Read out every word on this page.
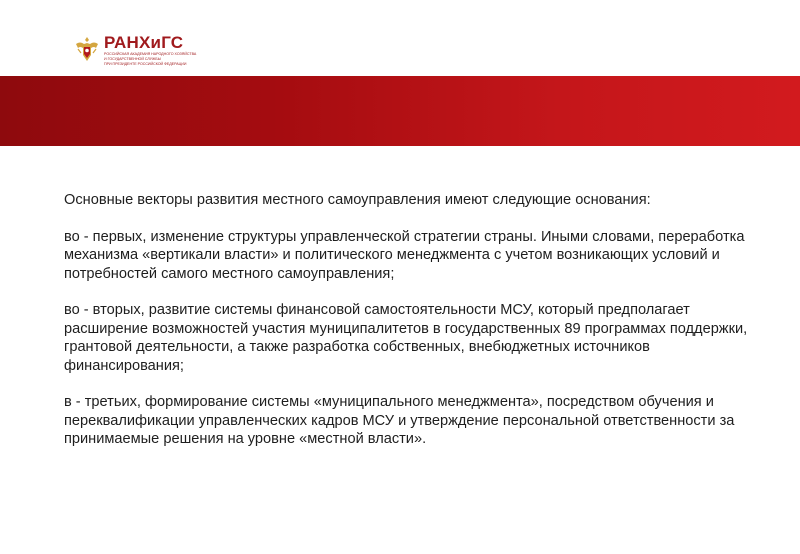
РАНХиГС
РОССИЙСКАЯ АКАДЕМИЯ НАРОДНОГО ХОЗЯЙСТВА
И ГОСУДАРСТВЕННОЙ СЛУЖБЫ
ПРИ ПРЕЗИДЕНТЕ РОССИЙСКОЙ ФЕДЕРАЦИИ

Основные векторы развития местного самоуправления имеют следующие основания:

во - первых, изменение структуры управленческой стратегии страны. Иными словами, переработка механизма «вертикали власти» и политического менеджмента с учетом возникающих условий и потребностей самого местного самоуправления;

во - вторых, развитие системы финансовой самостоятельности МСУ, который предполагает расширение возможностей участия муниципалитетов в государственных 89 программах поддержки, грантовой деятельности, а также разработка собственных, внебюджетных источников финансирования;

в - третьих, формирование системы «муниципального менеджмента», посредством обучения и переквалификации управленческих кадров МСУ и утверждение персональной ответственности за принимаемые решения на уровне «местной власти».
